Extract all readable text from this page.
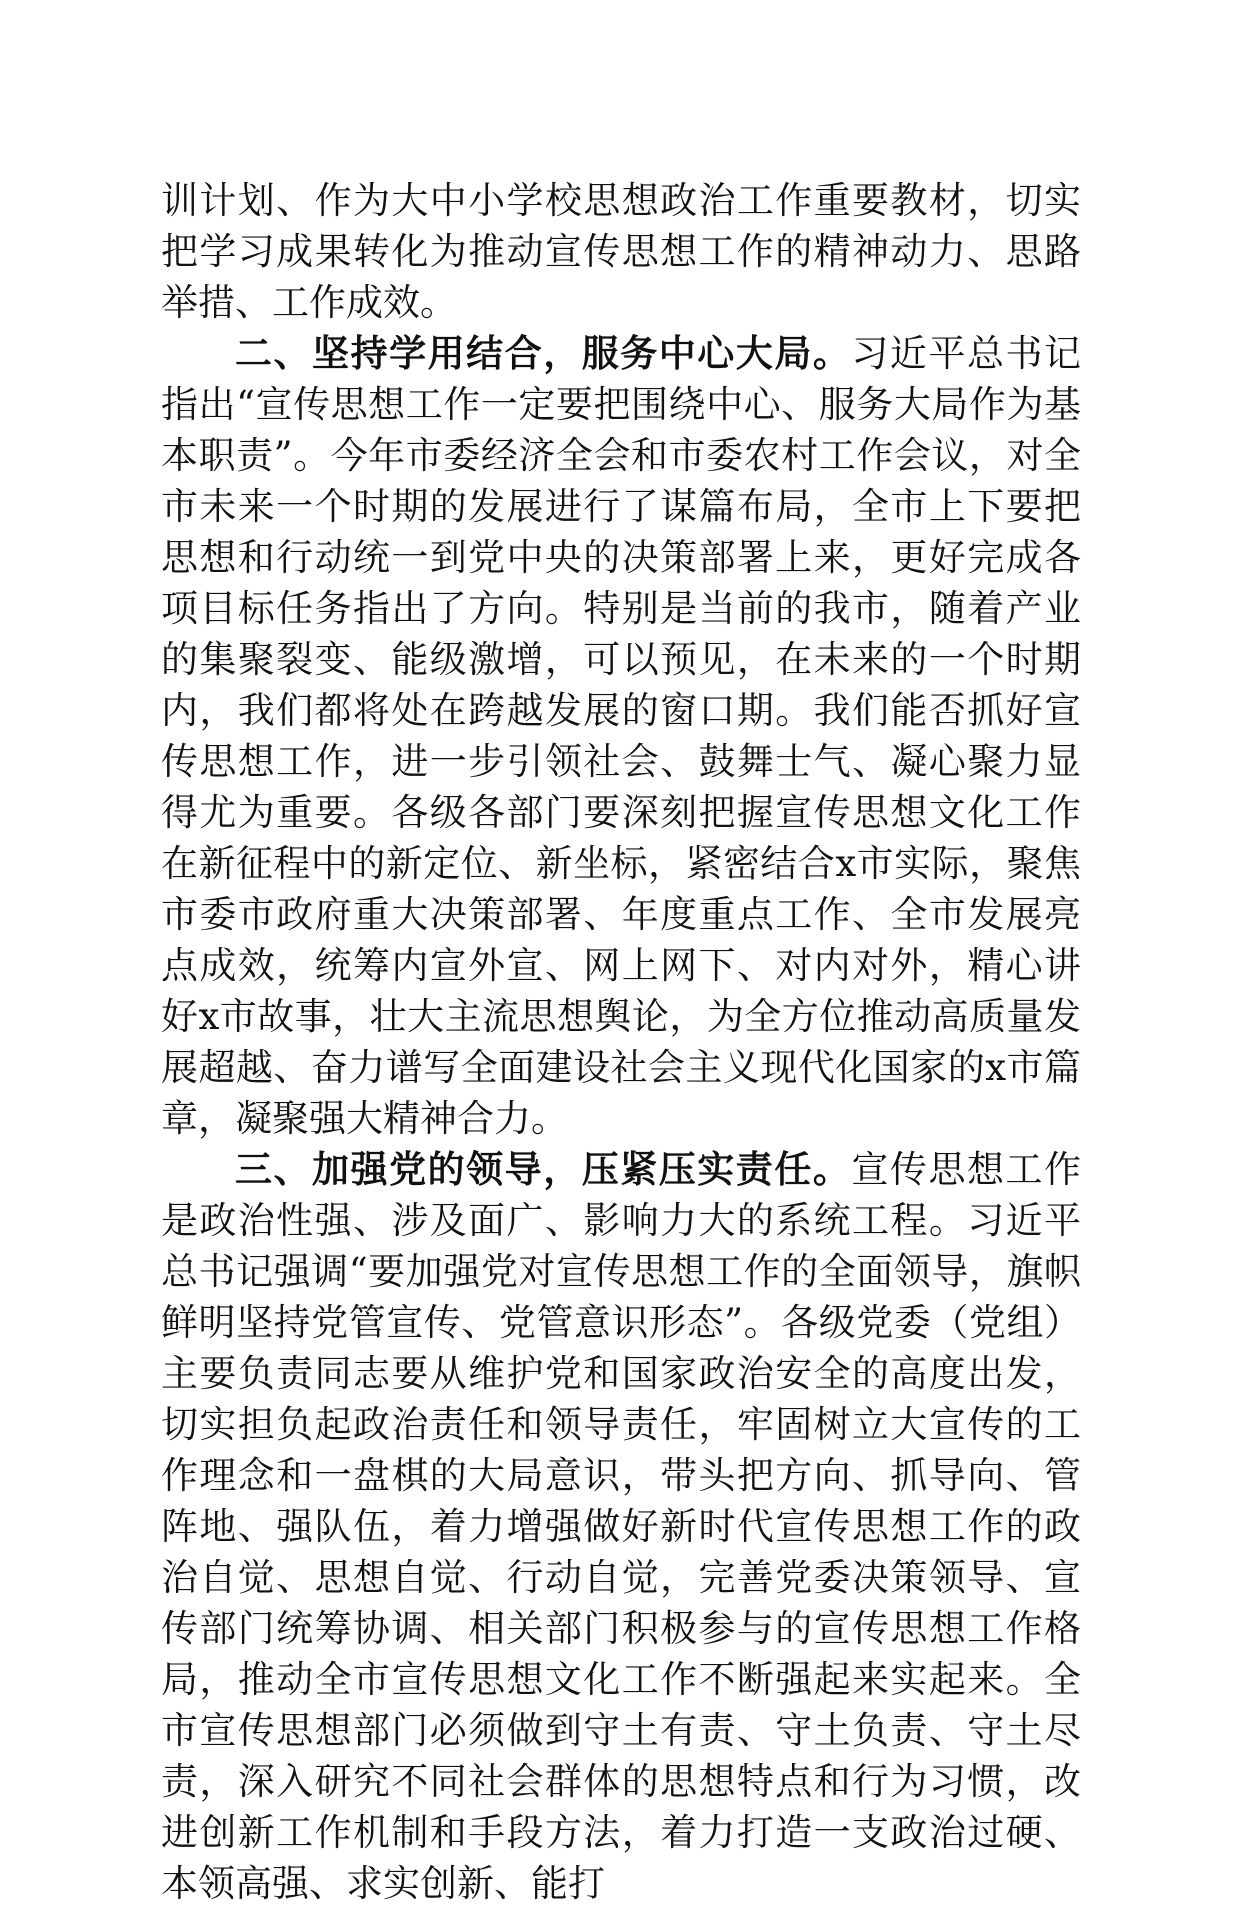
训计划、作为大中小学校思想政治工作重要教材，切实把学习成果转化为推动宣传思想工作的精神动力、思路举措、工作成效。

二、坚持学用结合，服务中心大局。习近平总书记指出“宣传思想工作一定要把围绕中心、服务大局作为基本职责”。今年市委经济全会和市委农村工作会议，对全市未来一个时期的发展进行了谋篇布局，全市上下要把思想和行动统一到党中央的决策部署上来，更好完成各项目标任务指出了方向。特别是当前的我市，随着产业的集聚裂变、能级激增，可以预见，在未来的一个时期内，我们都将处在跨越发展的窗口期。我们能否抓好宣传思想工作，进一步引领社会、鼓舞士气、凝心聚力显得尤为重要。各级各部门要深刻把握宣传思想文化工作在新征程中的新定位、新坐标，紧密结合x市实际，聚焦市委市政府重大决策部署、年度重点工作、全市发展亮点成效，统筹内宣外宣、网上网下、对内对外，精心讲好x市故事，壮大主流思想舆论，为全方位推动高质量发展超越、奋力谱写全面建设社会主义现代化国家的x市篇章，凝聚强大精神合力。

三、加强党的领导，压紧压实责任。宣传思想工作是政治性强、涉及面广、影响力大的系统工程。习近平总书记强调“要加强党对宣传思想工作的全面领导，旗帜鲜明坚持党管宣传、党管意识形态”。各级党委（党组）主要负责同志要从维护党和国家政治安全的高度出发，切实担负起政治责任和领导责任，牢固树立大宣传的工作理念和一盘棋的大局意识，带头把方向、抓导向、管阵地、强队伍，着力增强做好新时代宣传思想工作的政治自觉、思想自觉、行动自觉，完善党委决策领导、宣传部门统筹协调、相关部门积极参与的宣传思想工作格局，推动全市宣传思想文化工作不断强起来实起来。全市宣传思想部门必须做到守土有责、守土负责、守土尽责，深入研究不同社会群体的思想特点和行为习惯，改进创新工作机制和手段方法，着力打造一支政治过硬、本领高强、求实创新、能打
